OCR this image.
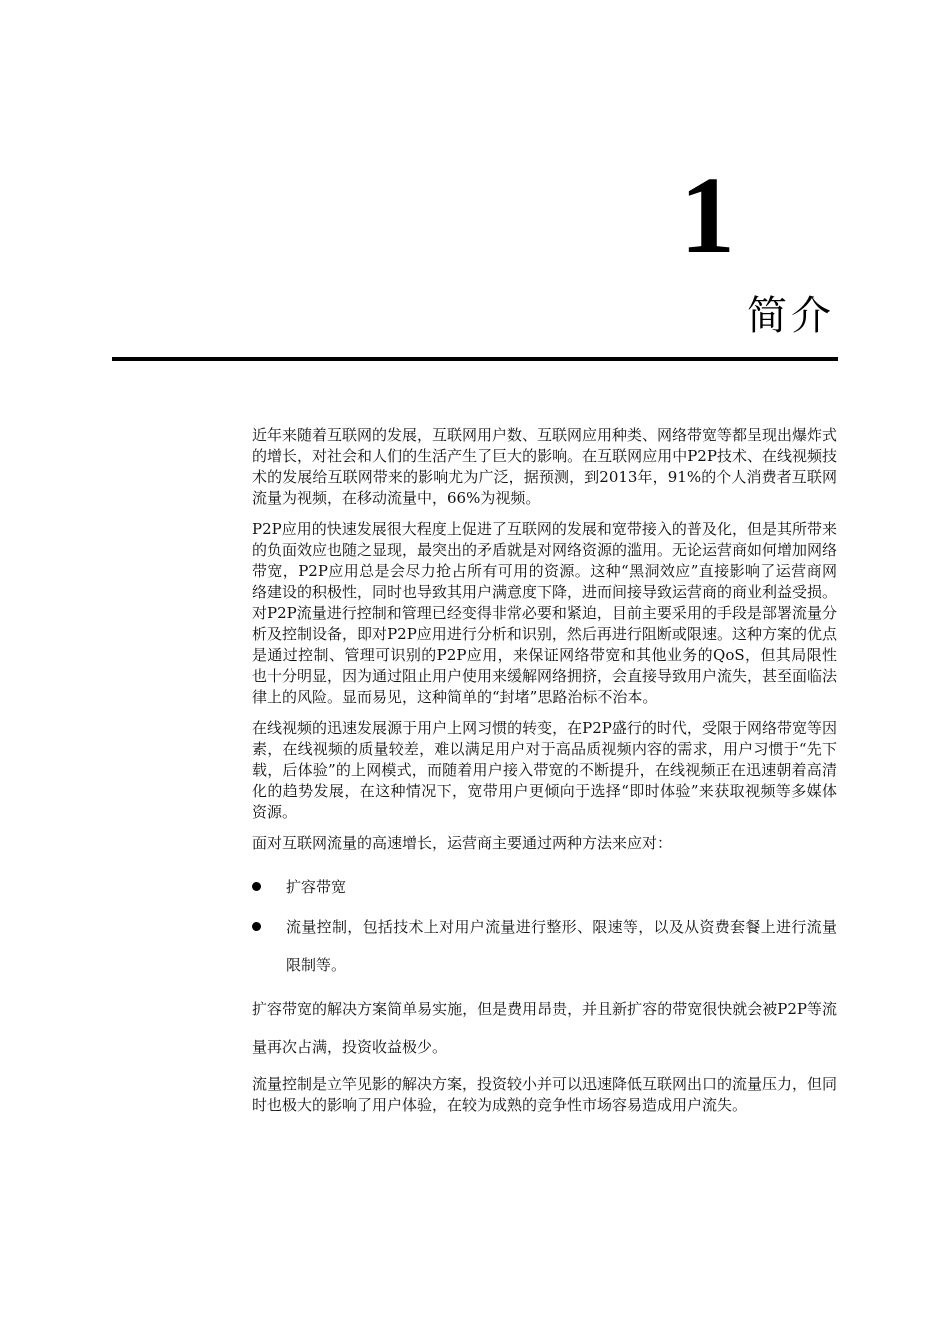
1
简介

近年来随着互联网的发展，互联网用户数、互联网应用种类、网络带宽等都呈现出爆炸式的增长，对社会和人们的生活产生了巨大的影响。在互联网应用中P2P技术、在线视频技术的发展给互联网带来的影响尤为广泛，据预测，到2013年，91%的个人消费者互联网流量为视频，在移动流量中，66%为视频。

P2P应用的快速发展很大程度上促进了互联网的发展和宽带接入的普及化，但是其所带来的负面效应也随之显现，最突出的矛盾就是对网络资源的滥用。无论运营商如何增加网络带宽，P2P应用总是会尽力抢占所有可用的资源。这种“黑洞效应”直接影响了运营商网络建设的积极性，同时也导致其用户满意度下降，进而间接导致运营商的商业利益受损。对P2P流量进行控制和管理已经变得非常必要和紧迫，目前主要采用的手段是部署流量分析及控制设备，即对P2P应用进行分析和识别，然后再进行阻断或限速。这种方案的优点是通过控制、管理可识别的P2P应用，来保证网络带宽和其他业务的QoS，但其局限性也十分明显，因为通过阻止用户使用来缓解网络拥挤，会直接导致用户流失，甚至面临法律上的风险。显而易见，这种简单的“封堵”思路治标不治本。

在线视频的迅速发展源于用户上网习惯的转变，在P2P盛行的时代，受限于网络带宽等因素，在线视频的质量较差，难以满足用户对于高品质视频内容的需求，用户习惯于“先下载，后体验”的上网模式，而随着用户接入带宽的不断提升，在线视频正在迅速朝着高清化的趋势发展，在这种情况下，宽带用户更倾向于选择“即时体验”来获取视频等多媒体资源。

面对互联网流量的高速增长，运营商主要通过两种方法来应对：

扩容带宽
流量控制，包括技术上对用户流量进行整形、限速等，以及从资费套餐上进行流量限制等。

扩容带宽的解决方案简单易实施，但是费用昂贵，并且新扩容的带宽很快就会被P2P等流量再次占满，投资收益极少。

流量控制是立竿见影的解决方案，投资较小并可以迅速降低互联网出口的流量压力，但同时也极大的影响了用户体验，在较为成熟的竞争性市场容易造成用户流失。
